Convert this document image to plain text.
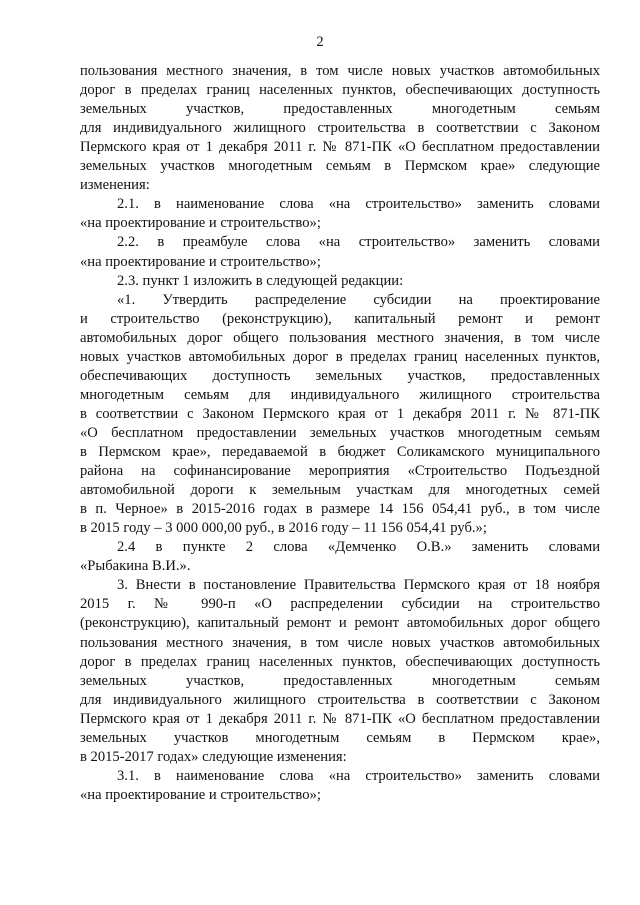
2
пользования местного значения, в том числе новых участков автомобильных
дорог в пределах границ населенных пунктов, обеспечивающих доступность
земельных участков, предоставленных многодетным семьям
для индивидуального жилищного строительства в соответствии с Законом
Пермского края от 1 декабря 2011 г. № 871-ПК «О бесплатном предоставлении
земельных участков многодетным семьям в Пермском крае» следующие
изменения:
2.1. в наименование слова «на строительство» заменить словами
«на проектирование и строительство»;
2.2. в преамбуле слова «на строительство» заменить словами
«на проектирование и строительство»;
2.3. пункт 1 изложить в следующей редакции:
«1. Утвердить распределение субсидии на проектирование
и строительство (реконструкцию), капитальный ремонт и ремонт
автомобильных дорог общего пользования местного значения, в том числе
новых участков автомобильных дорог в пределах границ населенных пунктов,
обеспечивающих доступность земельных участков, предоставленных
многодетным семьям для индивидуального жилищного строительства
в соответствии с Законом Пермского края от 1 декабря 2011 г. № 871-ПК
«О бесплатном предоставлении земельных участков многодетным семьям
в Пермском крае», передаваемой в бюджет Соликамского муниципального
района на софинансирование мероприятия «Строительство Подъездной
автомобильной дороги к земельным участкам для многодетных семей
в п. Черное» в 2015-2016 годах в размере 14 156 054,41 руб., в том числе
в 2015 году – 3 000 000,00 руб., в 2016 году – 11 156 054,41 руб.»;
2.4 в пункте 2 слова «Демченко О.В.» заменить словами
«Рыбакина В.И.».
3. Внести в постановление Правительства Пермского края от 18 ноября
2015 г. № 990-п «О распределении субсидии на строительство
(реконструкцию), капитальный ремонт и ремонт автомобильных дорог общего
пользования местного значения, в том числе новых участков автомобильных
дорог в пределах границ населенных пунктов, обеспечивающих доступность
земельных участков, предоставленных многодетным семьям
для индивидуального жилищного строительства в соответствии с Законом
Пермского края от 1 декабря 2011 г. № 871-ПК «О бесплатном предоставлении
земельных участков многодетным семьям в Пермском крае»,
в 2015-2017 годах» следующие изменения:
3.1. в наименование слова «на строительство» заменить словами
«на проектирование и строительство»;
